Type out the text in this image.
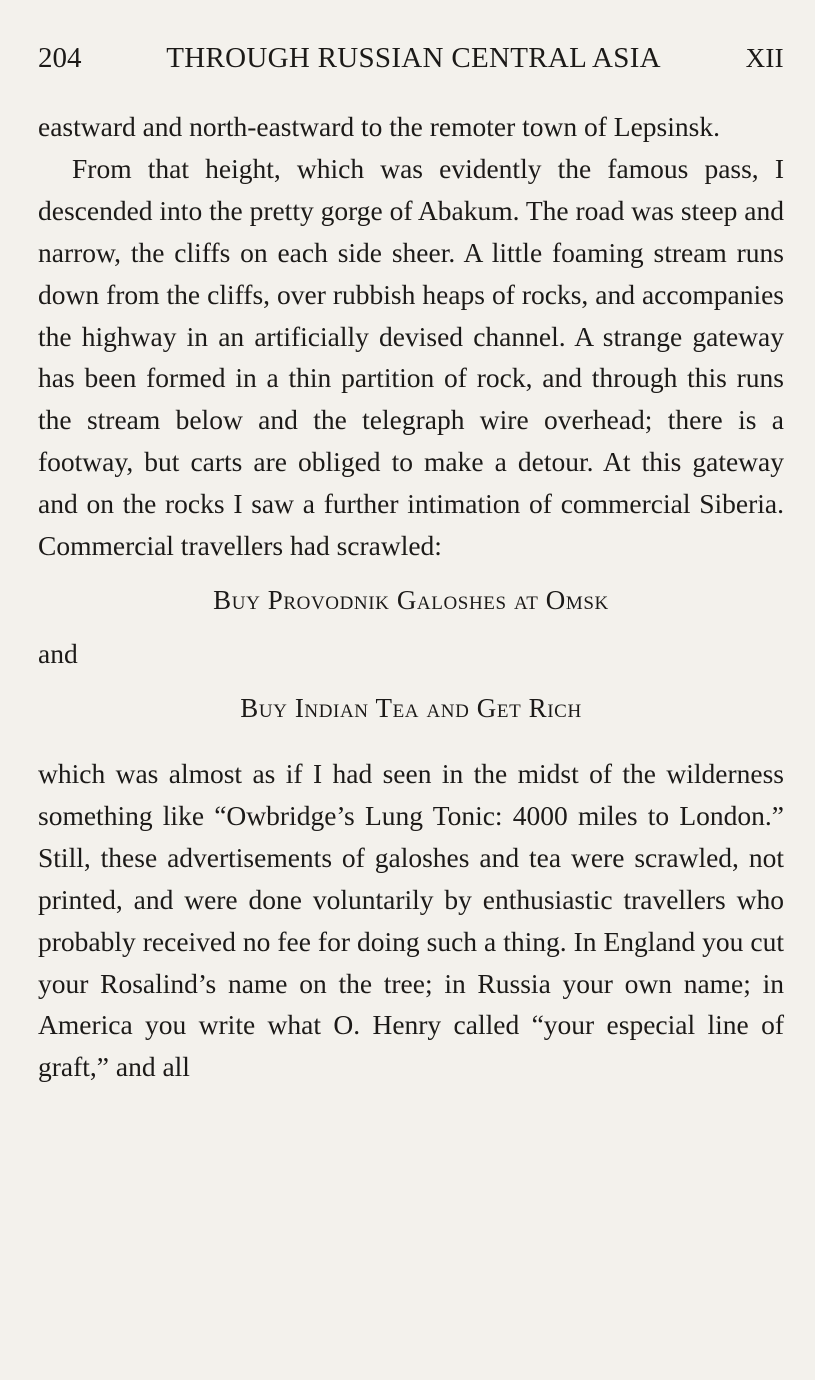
204	THROUGH RUSSIAN CENTRAL ASIA	XII

eastward and north-eastward to the remoter town of Lepsinsk.

From that height, which was evidently the famous pass, I descended into the pretty gorge of Abakum. The road was steep and narrow, the cliffs on each side sheer. A little foaming stream runs down from the cliffs, over rubbish heaps of rocks, and accompanies the highway in an artificially devised channel. A strange gateway has been formed in a thin partition of rock, and through this runs the stream below and the telegraph wire overhead; there is a footway, but carts are obliged to make a detour. At this gateway and on the rocks I saw a further intimation of commercial Siberia. Commercial travellers had scrawled:

Buy Provodnik Galoshes at Omsk

and

Buy Indian Tea and Get Rich

which was almost as if I had seen in the midst of the wilderness something like “Owbridge’s Lung Tonic: 4000 miles to London.” Still, these advertisements of galoshes and tea were scrawled, not printed, and were done voluntarily by enthusiastic travellers who probably received no fee for doing such a thing. In England you cut your Rosalind’s name on the tree; in Russia your own name; in America you write what O. Henry called “your especial line of graft,” and all
